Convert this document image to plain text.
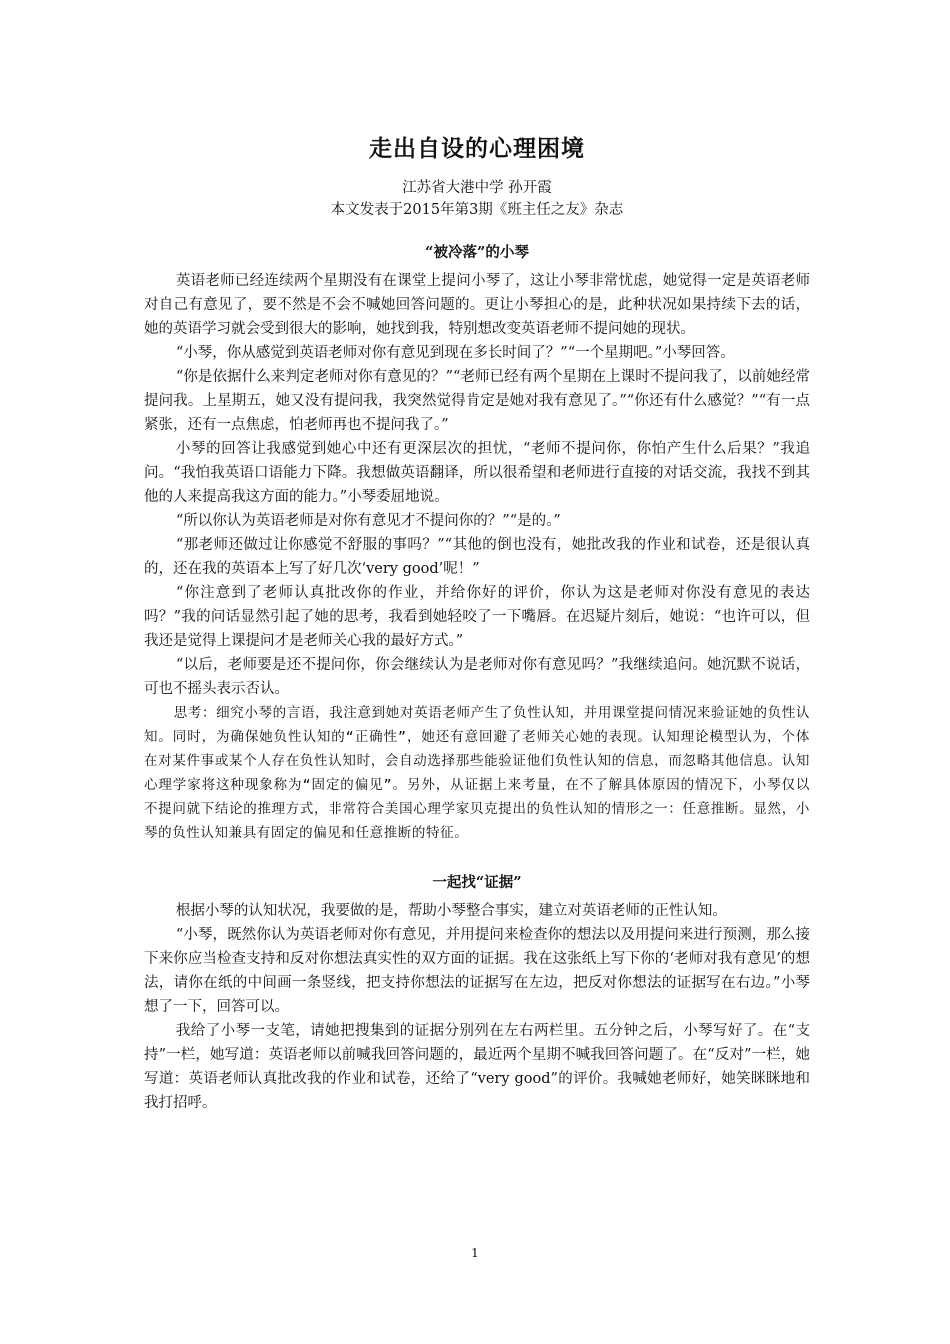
走出自设的心理困境

江苏省大港中学 孙开霞

本文发表于2015年第3期《班主任之友》杂志

“被冷落”的小琴

英语老师已经连续两个星期没有在课堂上提问小琴了，这让小琴非常忧虑，她觉得一定是英语老师对自己有意见了，要不然是不会不喊她回答问题的。更让小琴担心的是，此种状况如果持续下去的话，她的英语学习就会受到很大的影响，她找到我，特别想改变英语老师不提问她的现状。

“小琴，你从感觉到英语老师对你有意见到现在多长时间了？”“一个星期吧。”小琴回答。

“你是依据什么来判定老师对你有意见的？”“老师已经有两个星期在上课时不提问我了，以前她经常提问我。上星期五，她又没有提问我，我突然觉得肯定是她对我有意见了。”“你还有什么感觉？”“有一点紧张，还有一点焦虑，怕老师再也不提问我了。”

小琴的回答让我感觉到她心中还有更深层次的担忧，“老师不提问你，你怕产生什么后果？”我追问。“我怕我英语口语能力下降。我想做英语翻译，所以很希望和老师进行直接的对话交流，我找不到其他的人来提高我这方面的能力。”小琴委屈地说。

“所以你认为英语老师是对你有意见才不提问你的？”“是的。”

“那老师还做过让你感觉不舒服的事吗？”“其他的倒也没有，她批改我的作业和试卷，还是很认真的，还在我的英语本上写了好几次‘very good’呢！”

“你注意到了老师认真批改你的作业，并给你好的评价，你认为这是老师对你没有意见的表达吗？”我的问话显然引起了她的思考，我看到她轻咬了一下嘴唇。在迟疑片刻后，她说：“也许可以，但我还是觉得上课提问才是老师关心我的最好方式。”

“以后，老师要是还不提问你，你会继续认为是老师对你有意见吗？”我继续追问。她沉默不说话，可也不摇头表示否认。

思考：细究小琴的言语，我注意到她对英语老师产生了负性认知，并用课堂提问情况来验证她的负性认知。同时，为确保她负性认知的“正确性”，她还有意回避了老师关心她的表现。认知理论模型认为，个体在对某件事或某个人存在负性认知时，会自动选择那些能验证他们负性认知的信息，而忽略其他信息。认知心理学家将这种现象称为“固定的偏见”。另外，从证据上来考量，在不了解具体原因的情况下，小琴仅以不提问就下结论的推理方式，非常符合美国心理学家贝克提出的负性认知的情形之一：任意推断。显然，小琴的负性认知兼具有固定的偏见和任意推断的特征。

一起找“证据”

根据小琴的认知状况，我要做的是，帮助小琴整合事实，建立对英语老师的正性认知。

“小琴，既然你认为英语老师对你有意见，并用提问来检查你的想法以及用提问来进行预测，那么接下来你应当检查支持和反对你想法真实性的双方面的证据。我在这张纸上写下你的‘老师对我有意见’的想法，请你在纸的中间画一条竖线，把支持你想法的证据写在左边，把反对你想法的证据写在右边。”小琴想了一下，回答可以。

我给了小琴一支笔，请她把搜集到的证据分别列在左右两栏里。五分钟之后，小琴写好了。在“支持”一栏，她写道：英语老师以前喊我回答问题的，最近两个星期不喊我回答问题了。在“反对”一栏，她写道：英语老师认真批改我的作业和试卷，还给了“very good”的评价。我喊她老师好，她笑眯眯地和我打招呼。

1
